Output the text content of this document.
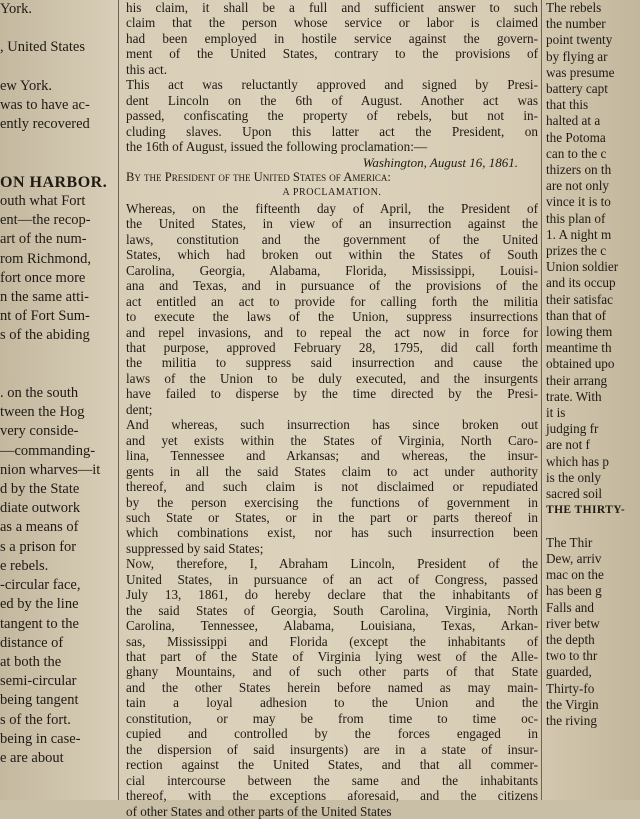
York.

, United States

ew York.
was to have ac-
ently recovered

ON HARBOR.
outh what Fort
ent—the recop-
art of the num-
rom Richmond,
fort once more
n the same atti-
nt of Fort Sum-
s of the abiding

. on the south
tween the Hog
very conside-
—commanding-
nion wharves—it
d by the State
diate outwork
as a means of
s a prison for
e rebels.
-circular face,
ed by the line
tangent to the
distance of
at both the
semi-circular
being tangent
s of the fort.
being in case-
e are about
his claim, it shall be a full and sufficient answer to such
claim that the person whose service or labor is claimed
had been employed in hostile service against the govern-
ment of the United States, contrary to the provisions of
this act.
This act was reluctantly approved and signed by Presi-
dent Lincoln on the 6th of August. Another act was
passed, confiscating the property of rebels, but not in-
cluding slaves. Upon this latter act the President, on
the 16th of August, issued the following proclamation:—
Washington, August 16, 1861.
By the President of the United States of America:
A PROCLAMATION.
Whereas, on the fifteenth day of April, the President of
the United States, in view of an insurrection against the
laws, constitution and the government of the United
States, which had broken out within the States of South
Carolina, Georgia, Alabama, Florida, Mississippi, Louisi-
ana and Texas, and in pursuance of the provisions of the
act entitled an act to provide for calling forth the militia
to execute the laws of the Union, suppress insurrections
and repel invasions, and to repeal the act now in force for
that purpose, approved February 28, 1795, did call forth
the militia to suppress said insurrection and cause the
laws of the Union to be duly executed, and the insurgents
have failed to disperse by the time directed by the Presi-
dent;
And whereas, such insurrection has since broken out
and yet exists within the States of Virginia, North Caro-
lina, Tennessee and Arkansas; and whereas, the insur-
gents in all the said States claim to act under authority
thereof, and such claim is not disclaimed or repudiated
by the person exercising the functions of government in
such State or States, or in the part or parts thereof in
which combinations exist, nor has such insurrection been
suppressed by said States;
Now, therefore, I, Abraham Lincoln, President of the
United States, in pursuance of an act of Congress, passed
July 13, 1861, do hereby declare that the inhabitants of
the said States of Georgia, South Carolina, Virginia, North
Carolina, Tennessee, Alabama, Louisiana, Texas, Arkan-
sas, Mississippi and Florida (except the inhabitants of
that part of the State of Virginia lying west of the Alle-
ghany Mountains, and of such other parts of that State
and the other States herein before named as may main-
tain a loyal adhesion to the Union and the
constitution, or may be from time to time oc-
cupied and controlled by the forces engaged in
the dispersion of said insurgents) are in a state of insur-
rection against the United States, and that all commer-
cial intercourse between the same and the inhabitants
thereof, with the exceptions aforesaid, and the citizens
of other States and other parts of the United States
The rebels
the number
point twenty
by flying ar
was presume
battery capt
that this
halted at a
the Potoma
can to the c
thizers on th
are not only
vince it is to
this plan of
1. A night m
prizes the c
Union soldier
and its occup
their satisfac
than that of
lowing them
meantime th
obtained upo
their arrang
trate. With
it is
judging fr
are not f
which has p
is the only
sacred soil
THE THIRTY-

The Thir
Dew, arriv
mac on the
has been g
Falls and
river betw
the depth
two to thr
guarded,
Thirty-fo
the Virgin
the riving
